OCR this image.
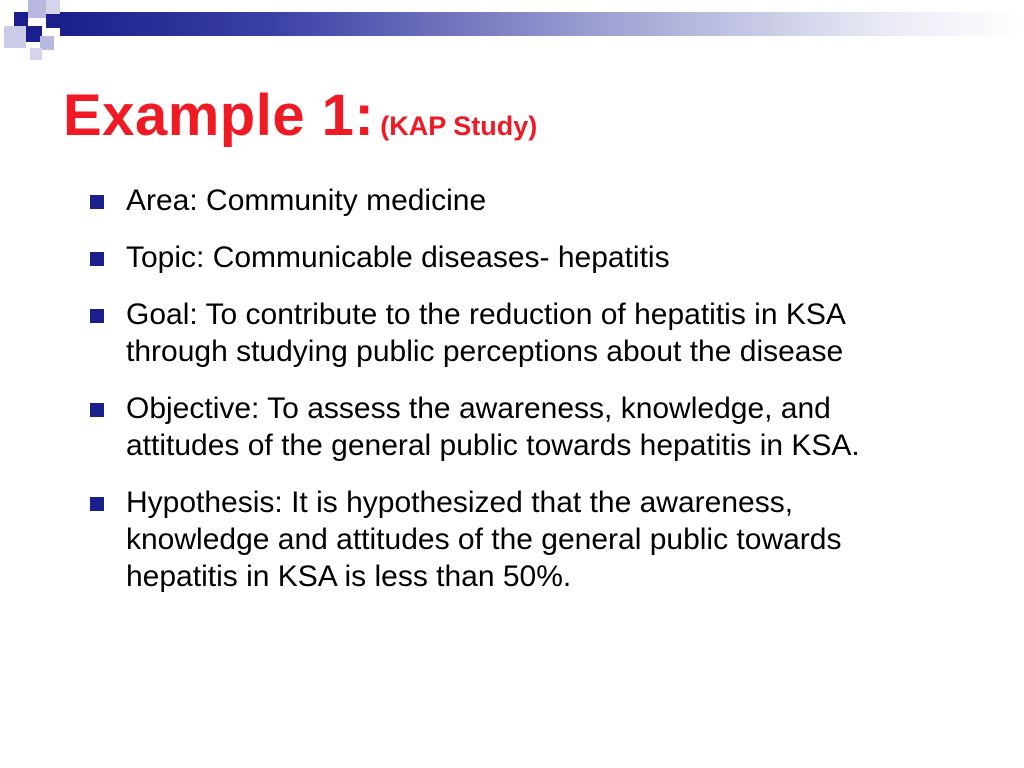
Example 1: (KAP Study)
Area: Community medicine
Topic: Communicable diseases- hepatitis
Goal: To contribute to the reduction of hepatitis in KSA through studying public perceptions about the disease
Objective: To assess the awareness, knowledge, and attitudes of the general public towards hepatitis in KSA.
Hypothesis: It is hypothesized that the awareness, knowledge and attitudes of the general public towards hepatitis in KSA is less than 50%.
